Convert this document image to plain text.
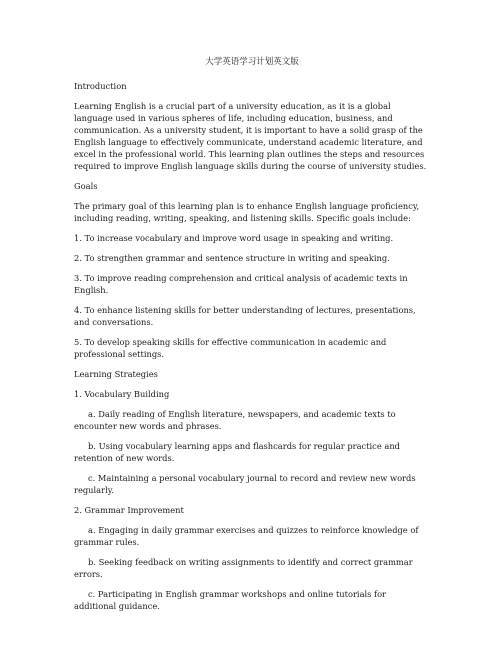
大学英语学习计划英文版
Introduction
Learning English is a crucial part of a university education, as it is a global language used in various spheres of life, including education, business, and communication. As a university student, it is important to have a solid grasp of the English language to effectively communicate, understand academic literature, and excel in the professional world. This learning plan outlines the steps and resources required to improve English language skills during the course of university studies.
Goals
The primary goal of this learning plan is to enhance English language proficiency, including reading, writing, speaking, and listening skills. Specific goals include:
1. To increase vocabulary and improve word usage in speaking and writing.
2. To strengthen grammar and sentence structure in writing and speaking.
3. To improve reading comprehension and critical analysis of academic texts in English.
4. To enhance listening skills for better understanding of lectures, presentations, and conversations.
5. To develop speaking skills for effective communication in academic and professional settings.
Learning Strategies
1. Vocabulary Building
a. Daily reading of English literature, newspapers, and academic texts to encounter new words and phrases.
b. Using vocabulary learning apps and flashcards for regular practice and retention of new words.
c. Maintaining a personal vocabulary journal to record and review new words regularly.
2. Grammar Improvement
a. Engaging in daily grammar exercises and quizzes to reinforce knowledge of grammar rules.
b. Seeking feedback on writing assignments to identify and correct grammar errors.
c. Participating in English grammar workshops and online tutorials for additional guidance.
